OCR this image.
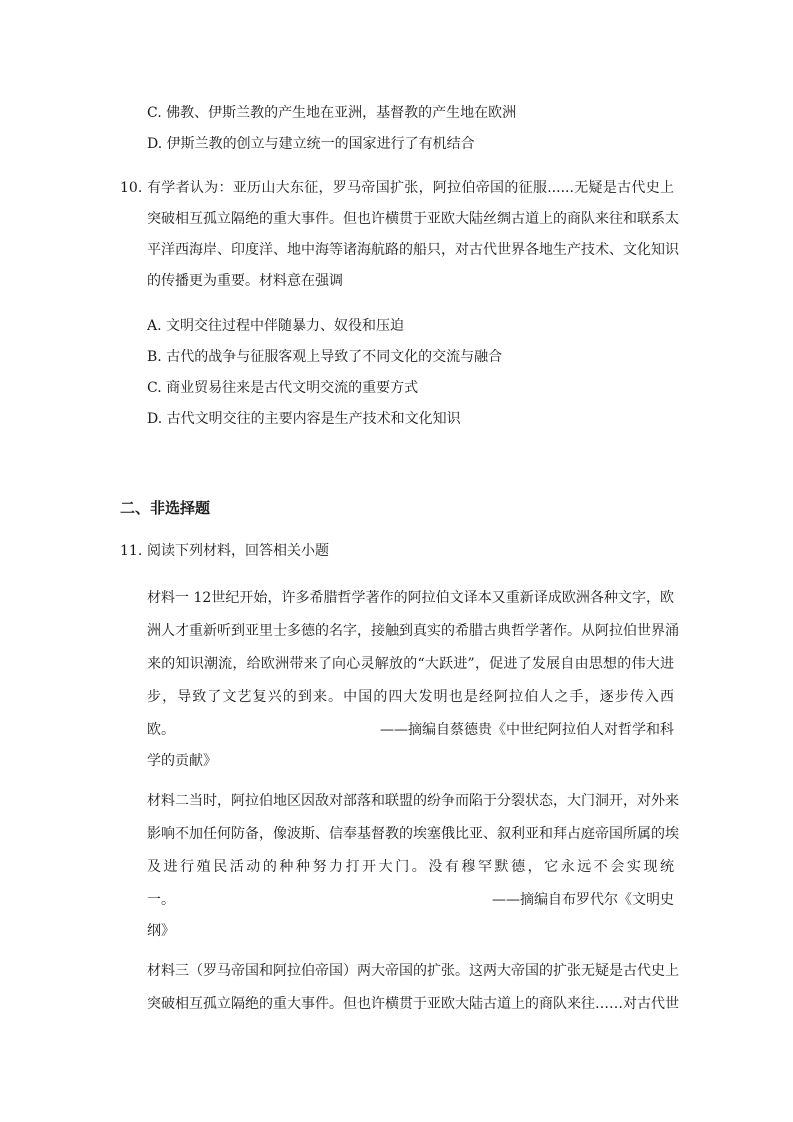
C. 佛教、伊斯兰教的产生地在亚洲，基督教的产生地在欧洲
D. 伊斯兰教的创立与建立统一的国家进行了有机结合
10. 有学者认为：亚历山大东征，罗马帝国扩张，阿拉伯帝国的征服......无疑是古代史上
突破相互孤立隔绝的重大事件。但也许横贯于亚欧大陆丝绸古道上的商队来往和联系太
平洋西海岸、印度洋、地中海等诸海航路的船只，对古代世界各地生产技术、文化知识
的传播更为重要。材料意在强调
A. 文明交往过程中伴随暴力、奴役和压迫
B. 古代的战争与征服客观上导致了不同文化的交流与融合
C. 商业贸易往来是古代文明交流的重要方式
D. 古代文明交往的主要内容是生产技术和文化知识
二、非选择题
11. 阅读下列材料，回答相关小题
材料一 12世纪开始，许多希腊哲学著作的阿拉伯文译本又重新译成欧洲各种文字，欧
洲人才重新听到亚里士多德的名字，接触到真实的希腊古典哲学著作。从阿拉伯世界涌
来的知识潮流，给欧洲带来了向心灵解放的“大跃进”，促进了发展自由思想的伟大进
步，导致了文艺复兴的到来。中国的四大发明也是经阿拉伯人之手，逐步传入西
欧。	——摘编自蔡德贵《中世纪阿拉伯人对哲学和科
学的贡献》
材料二当时，阿拉伯地区因敌对部落和联盟的纷争而陷于分裂状态，大门洞开，对外来
影响不加任何防备，像波斯、信奉基督教的埃塞俄比亚、叙利亚和拜占庭帝国所属的埃
及进行殖民活动的种种努力打开大门。没有穆罕默德，它永远不会实现统
一。	——摘编自布罗代尔《文明史
纲》
材料三（罗马帝国和阿拉伯帝国）两大帝国的扩张。这两大帝国的扩张无疑是古代史上
突破相互孤立隔绝的重大事件。但也许横贯于亚欧大陆古道上的商队来往……对古代世
